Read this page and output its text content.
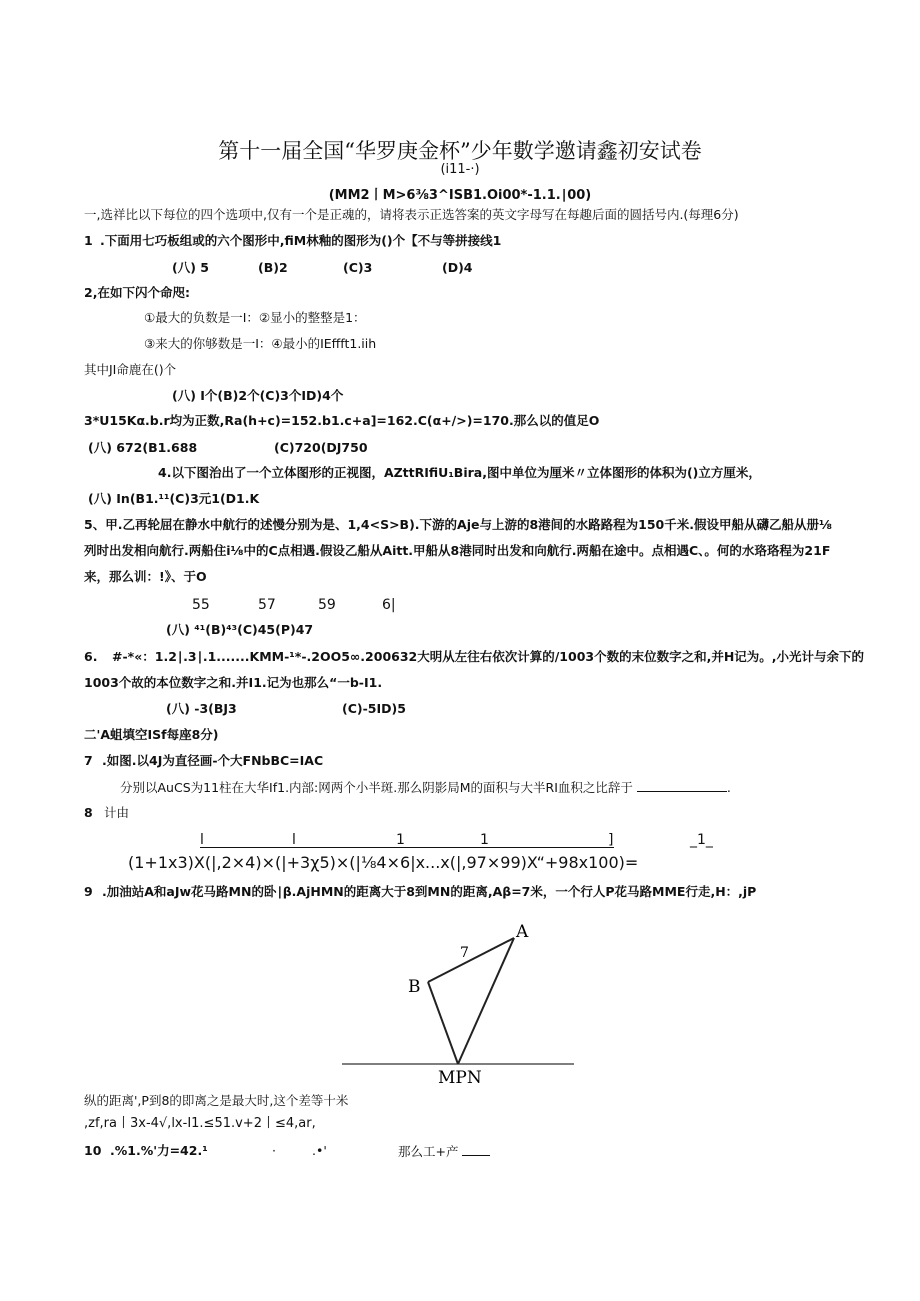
第十一届全国“华罗庚金杯”少年數学邀请鑫初安试卷
(i11-·)
(MM2丨M>6⅜3^ISB1.Oi00*-1.1.∣00)
一,选祥比以下每位的四个选项中,仅有一个是正魂的，请将表示正选答案的英文字母写在每趣后面的圆括号内.(每理6分)
1 .下面用七巧板组或的六个图形中,fiM林釉的图形为()个【不与等拼接线1
(八) 5	(B)2	(C)3	(D)4
2,在如下闪个命咫:
①最大的负数是一I：②显小的整整是1：
③来大的你够数是一I：④最小的IEffft1.iih
其中JI命鹿在()个
(八) I个(B)2个(C)3个ID)4个
3*U15Kα.b.r均为正数,Ra(h+c)=152.b1.c+a]=162.C(α+∕>)=170.那么以的值足O
(八) 672(B1.688	(C)720(DJ750
4.以下图治出了一个立体图形的正视图，AZttRIfiU₁Bira,图中单位为厘米〃立体图形的体积为()立方厘米，
(八) In(B1.¹¹(C)3元1(D1.K
5、甲.乙再轮屈在静水中航行的述慢分别为是、1,4<S>B).下游的Aje与上游的8港间的水路路程为150千米.假设甲船从礴乙船从册⅛
列时出发相向航行.两船住i⅛中的C点相遇.假设乙船从Aitt.甲船从8港同时出发和向航行.两船在途中。点相遇C、。何的水珞珞程为21F
来，那么训：!》、于O
55	57	59	6|
(八) ⁴¹(B)⁴³(C)45(P)47
6. #-*«：1.2∣.3∣.1.......KMM-¹*-.2OO5∞.200632大明从左往右依次计算的/1003个数的末位数字之和,并H记为。,小光计与余下的
1003个故的本位数字之和.并I1.记为也那么“一b-I1.
(八) -3(BJ3	(C)-5ID)5
二'A蛆填空ISf每座8分)
7 .如图.以4J为直径画-个大FNbBC=IAC
分别以AuCS为11柱在大华If1.内部:网两个小半斑.那么阴影局M的面积与大半RI血积之比辞于	.
8 计由
l	l	1	1	]	_1_
(1+1x3)X(|,2×4)×(|+3χ5)×(|⅛4×6|x...x(|,97×99)X“+98x100)=
9 .加油站A和aJw花马路MN的卧∣β.AjHMN的距离大于8到MN的距离,Aβ=7米，一个行人P花马路MME行走,H：,jP
A
B
7
MPN
纵的距离',P到8的即离之是最大时,这个差等十米
,zf,ra丨3x-4√,lx-I1.≤51.v+2丨≤4,ar,
10 .%1.%'力=42.¹	·	.•'	那么工+产
